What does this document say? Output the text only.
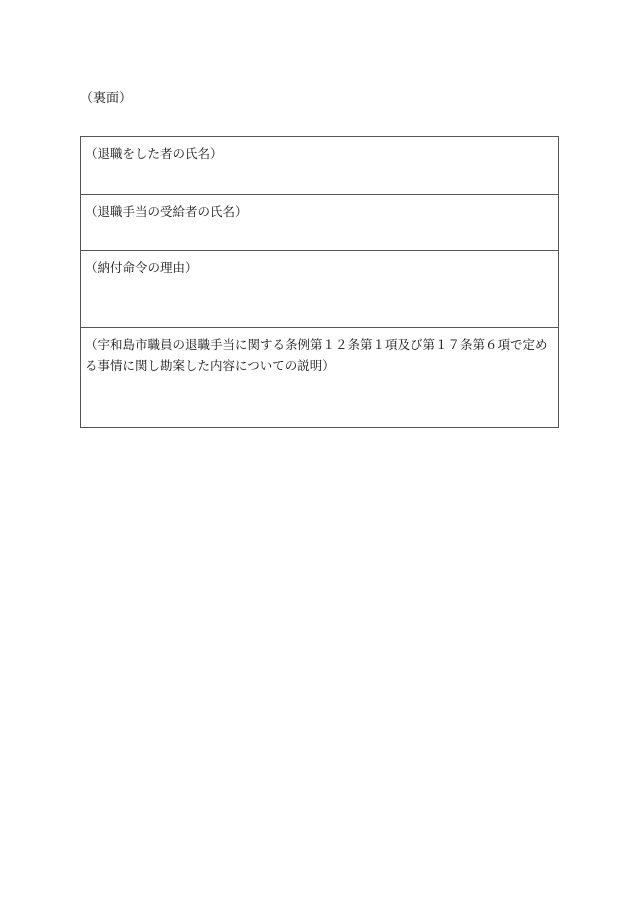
（裏面）
（退職をした者の氏名）
（退職手当の受給者の氏名）
（納付命令の理由）
（宇和島市職員の退職手当に関する条例第１２条第１項及び第１７条第６項で定める事情に関し勘案した内容についての説明）
